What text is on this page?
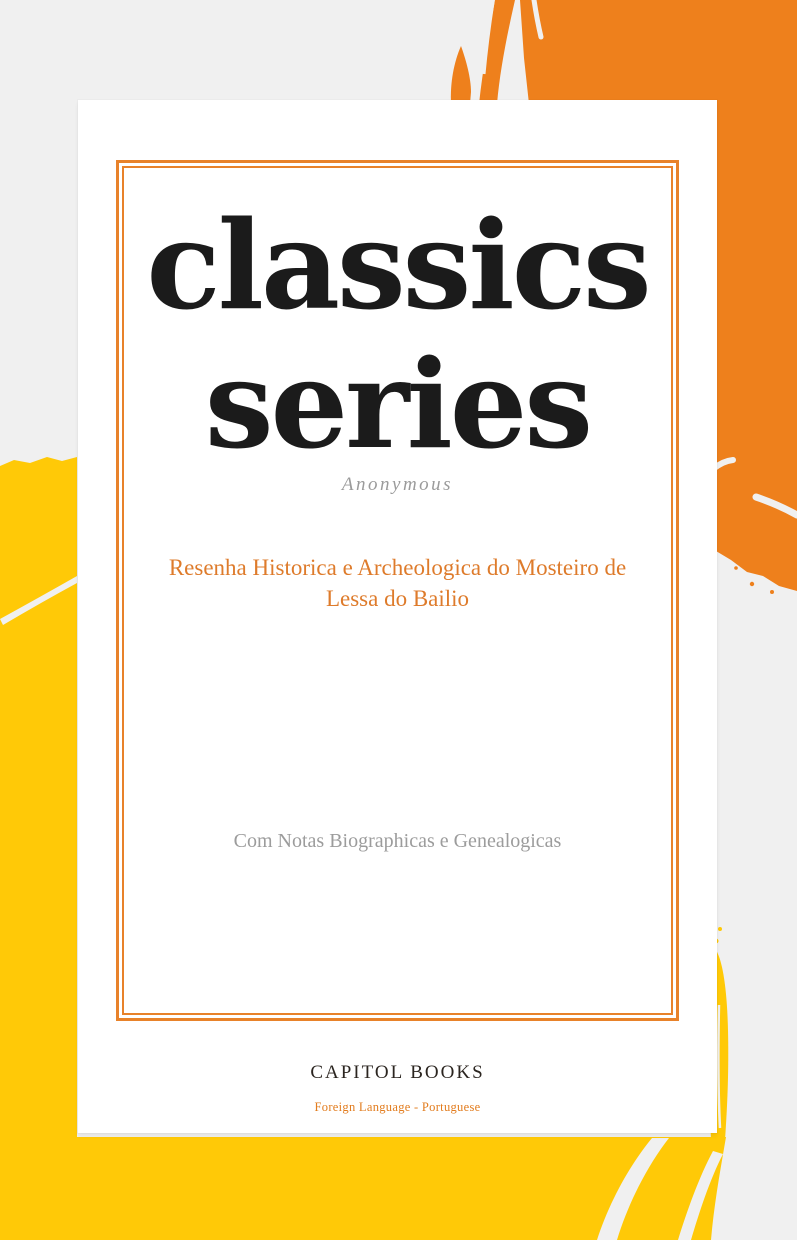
classics
series
Anonymous
Resenha Historica e Archeologica do Mosteiro de Lessa do Bailio
Com Notas Biographicas e Genealogicas
CAPITOL BOOKS
Foreign Language - Portuguese
